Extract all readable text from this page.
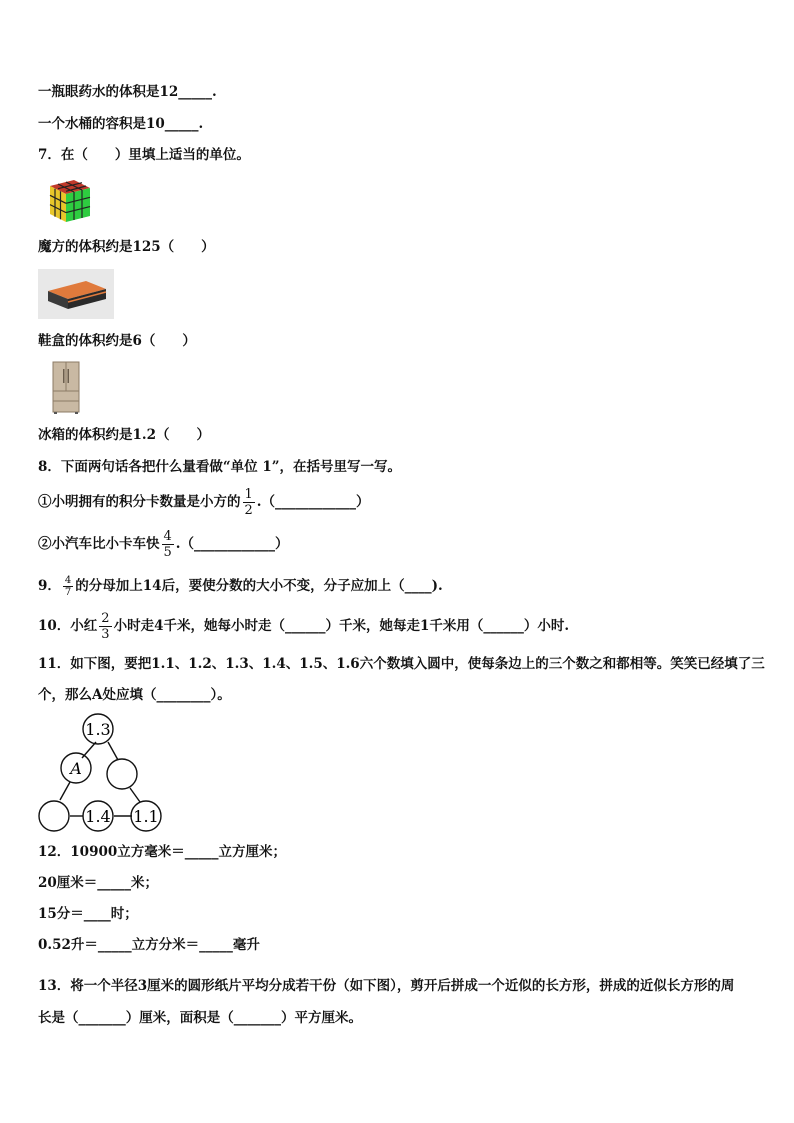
一瓶眼药水的体积是12_____.
一个水桶的容积是10_____.
7．在（　　）里填上适当的单位。
魔方的体积约是125（　　）
鞋盒的体积约是6（　　）
冰箱的体积约是1.2（　　）
8．下面两句话各把什么量看做“单位 1”，在括号里写一写。
①小明拥有的积分卡数量是小方的 $\frac{1}{2}$ .（____________）
②小汽车比小卡车快 $\frac{4}{5}$ .（____________）
9． $\frac{4}{7}$ 的分母加上14后，要使分数的大小不变，分子应加上（____).
10．小红 $\frac{2}{3}$ 小时走4千米，她每小时走（______）千米，她每走1千米用（______）小时.
11．如下图，要把1.1、1.2、1.3、1.4、1.5、1.6六个数填入圆中，使每条边上的三个数之和都相等。笑笑已经填了三
个，那么A处应填（________）。
1.3
A
1.4 1.1
12．10900立方毫米＝_____立方厘米；
20厘米＝_____米；
15分＝____时；
0.52升＝_____立方分米＝_____毫升
13．将一个半径3厘米的圆形纸片平均分成若干份（如下图），剪开后拼成一个近似的长方形，拼成的近似长方形的周
长是（_______）厘米，面积是（_______）平方厘米。
